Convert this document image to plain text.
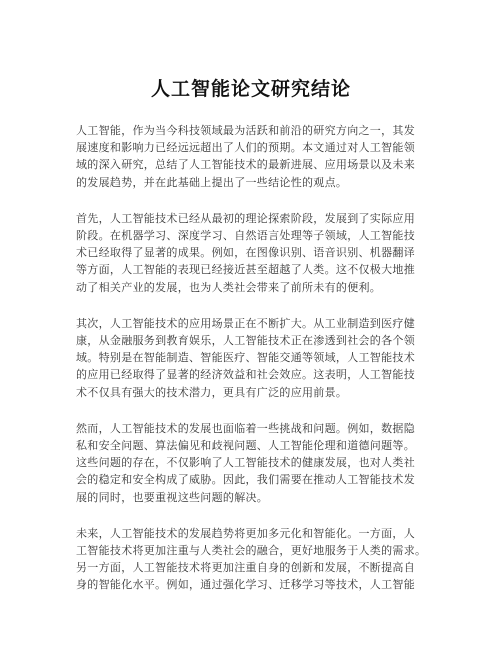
人工智能论文研究结论
人工智能，作为当今科技领域最为活跃和前沿的研究方向之一，其发
展速度和影响力已经远远超出了人们的预期。本文通过对人工智能领
域的深入研究，总结了人工智能技术的最新进展、应用场景以及未来
的发展趋势，并在此基础上提出了一些结论性的观点。
首先，人工智能技术已经从最初的理论探索阶段，发展到了实际应用
阶段。在机器学习、深度学习、自然语言处理等子领域，人工智能技
术已经取得了显著的成果。例如，在图像识别、语音识别、机器翻译
等方面，人工智能的表现已经接近甚至超越了人类。这不仅极大地推
动了相关产业的发展，也为人类社会带来了前所未有的便利。
其次，人工智能技术的应用场景正在不断扩大。从工业制造到医疗健
康，从金融服务到教育娱乐，人工智能技术正在渗透到社会的各个领
域。特别是在智能制造、智能医疗、智能交通等领域，人工智能技术
的应用已经取得了显著的经济效益和社会效应。这表明，人工智能技
术不仅具有强大的技术潜力，更具有广泛的应用前景。
然而，人工智能技术的发展也面临着一些挑战和问题。例如，数据隐
私和安全问题、算法偏见和歧视问题、人工智能伦理和道德问题等。
这些问题的存在，不仅影响了人工智能技术的健康发展，也对人类社
会的稳定和安全构成了威胁。因此，我们需要在推动人工智能技术发
展的同时，也要重视这些问题的解决。
未来，人工智能技术的发展趋势将更加多元化和智能化。一方面，人
工智能技术将更加注重与人类社会的融合，更好地服务于人类的需求。
另一方面，人工智能技术将更加注重自身的创新和发展，不断提高自
身的智能化水平。例如，通过强化学习、迁移学习等技术，人工智能
